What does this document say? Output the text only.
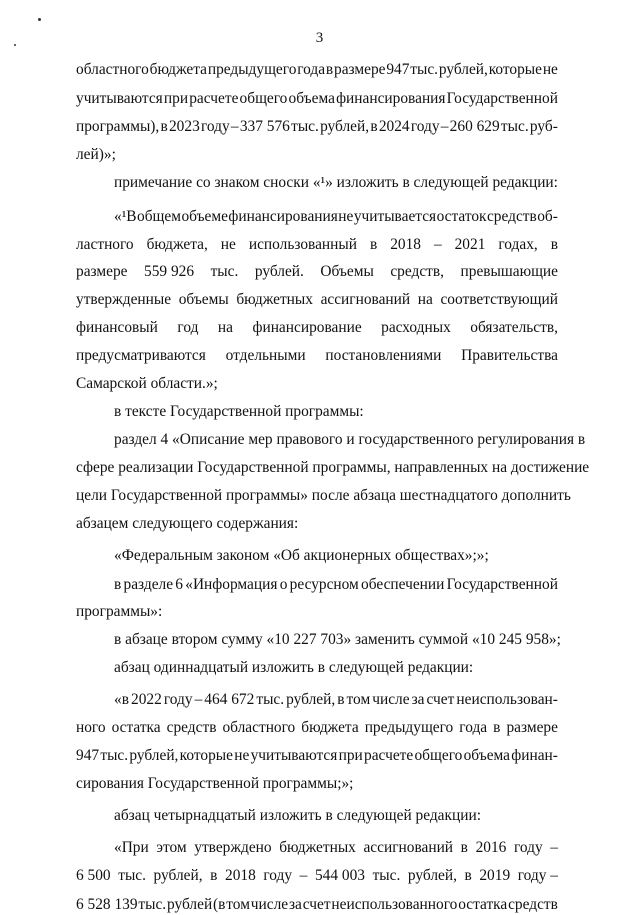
3
областного бюджета предыдущего года в размере 947 тыс. рублей, которые не
учитываются при расчете общего объема финансирования Государственной
программы), в 2023 году – 337 576 тыс. рублей, в 2024 году – 260 629 тыс. руб-
лей)»;
примечание со знаком сноски «¹» изложить в следующей редакции:
«¹В общем объеме финансирования не учитывается остаток средств об-
ластного бюджета, не использованный в 2018 – 2021 годах, в
размере 559 926 тыс. рублей. Объемы средств, превышающие
утвержденные объемы бюджетных ассигнований на соответствующий
финансовый год на финансирование расходных обязательств,
предусматриваются отдельными постановлениями Правительства
Самарской области.»;
в тексте Государственной программы:
раздел 4 «Описание мер правового и государственного регулирования в
сфере реализации Государственной программы, направленных на достижение
цели Государственной программы» после абзаца шестнадцатого дополнить
абзацем следующего содержания:
«Федеральным законом «Об акционерных обществах»;»;
в разделе 6 «Информация о ресурсном обеспечении Государственной
программы»:
в абзаце втором сумму «10 227 703» заменить суммой «10 245 958»;
абзац одиннадцатый изложить в следующей редакции:
«в 2022 году – 464 672 тыс. рублей, в том числе за счет неиспользован-
ного остатка средств областного бюджета предыдущего года в размере
947 тыс. рублей, которые не учитываются при расчете общего объема финан-
сирования Государственной программы;»;
абзац четырнадцатый изложить в следующей редакции:
«При этом утверждено бюджетных ассигнований в 2016 году –
6 500 тыс. рублей, в 2018 году – 544 003 тыс. рублей, в 2019 году –
6 528 139 тыс. рублей (в том числе за счет неиспользованного остатка средств
